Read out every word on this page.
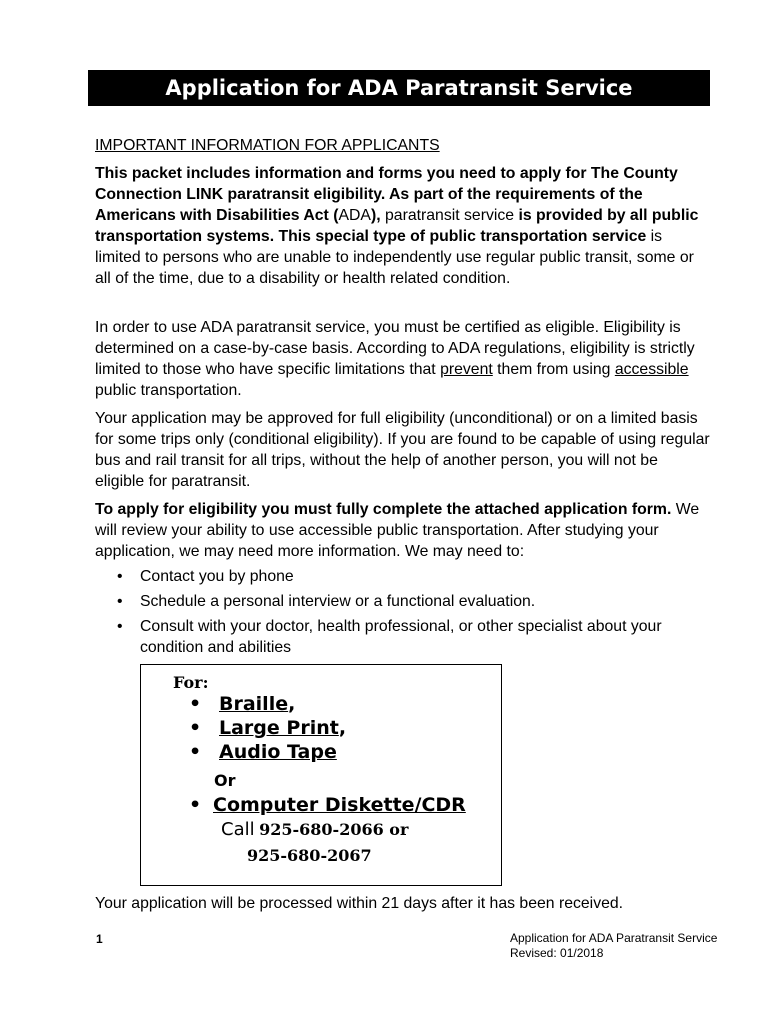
Application for ADA Paratransit Service
IMPORTANT INFORMATION FOR APPLICANTS

This packet includes information and forms you need to apply for The County Connection LINK paratransit eligibility. As part of the requirements of the Americans with Disabilities Act (ADA), paratransit service is provided by all public transportation systems. This special type of public transportation service is limited to persons who are unable to independently use regular public transit, some or all of the time, due to a disability or health related condition.

In order to use ADA paratransit service, you must be certified as eligible. Eligibility is determined on a case-by-case basis. According to ADA regulations, eligibility is strictly limited to those who have specific limitations that prevent them from using accessible public transportation.

Your application may be approved for full eligibility (unconditional) or on a limited basis for some trips only (conditional eligibility). If you are found to be capable of using regular bus and rail transit for all trips, without the help of another person, you will not be eligible for paratransit.

To apply for eligibility you must fully complete the attached application form. We will review your ability to use accessible public transportation. After studying your application, we may need more information. We may need to:

• Contact you by phone
• Schedule a personal interview or a functional evaluation.
• Consult with your doctor, health professional, or other specialist about your condition and abilities
For:
• Braille,
• Large Print,
• Audio Tape
Or
• Computer Diskette/CDR
Call 925-680-2066 or
925-680-2067
Your application will be processed within 21 days after it has been received.
1	Application for ADA Paratransit Service
Revised: 01/2018
